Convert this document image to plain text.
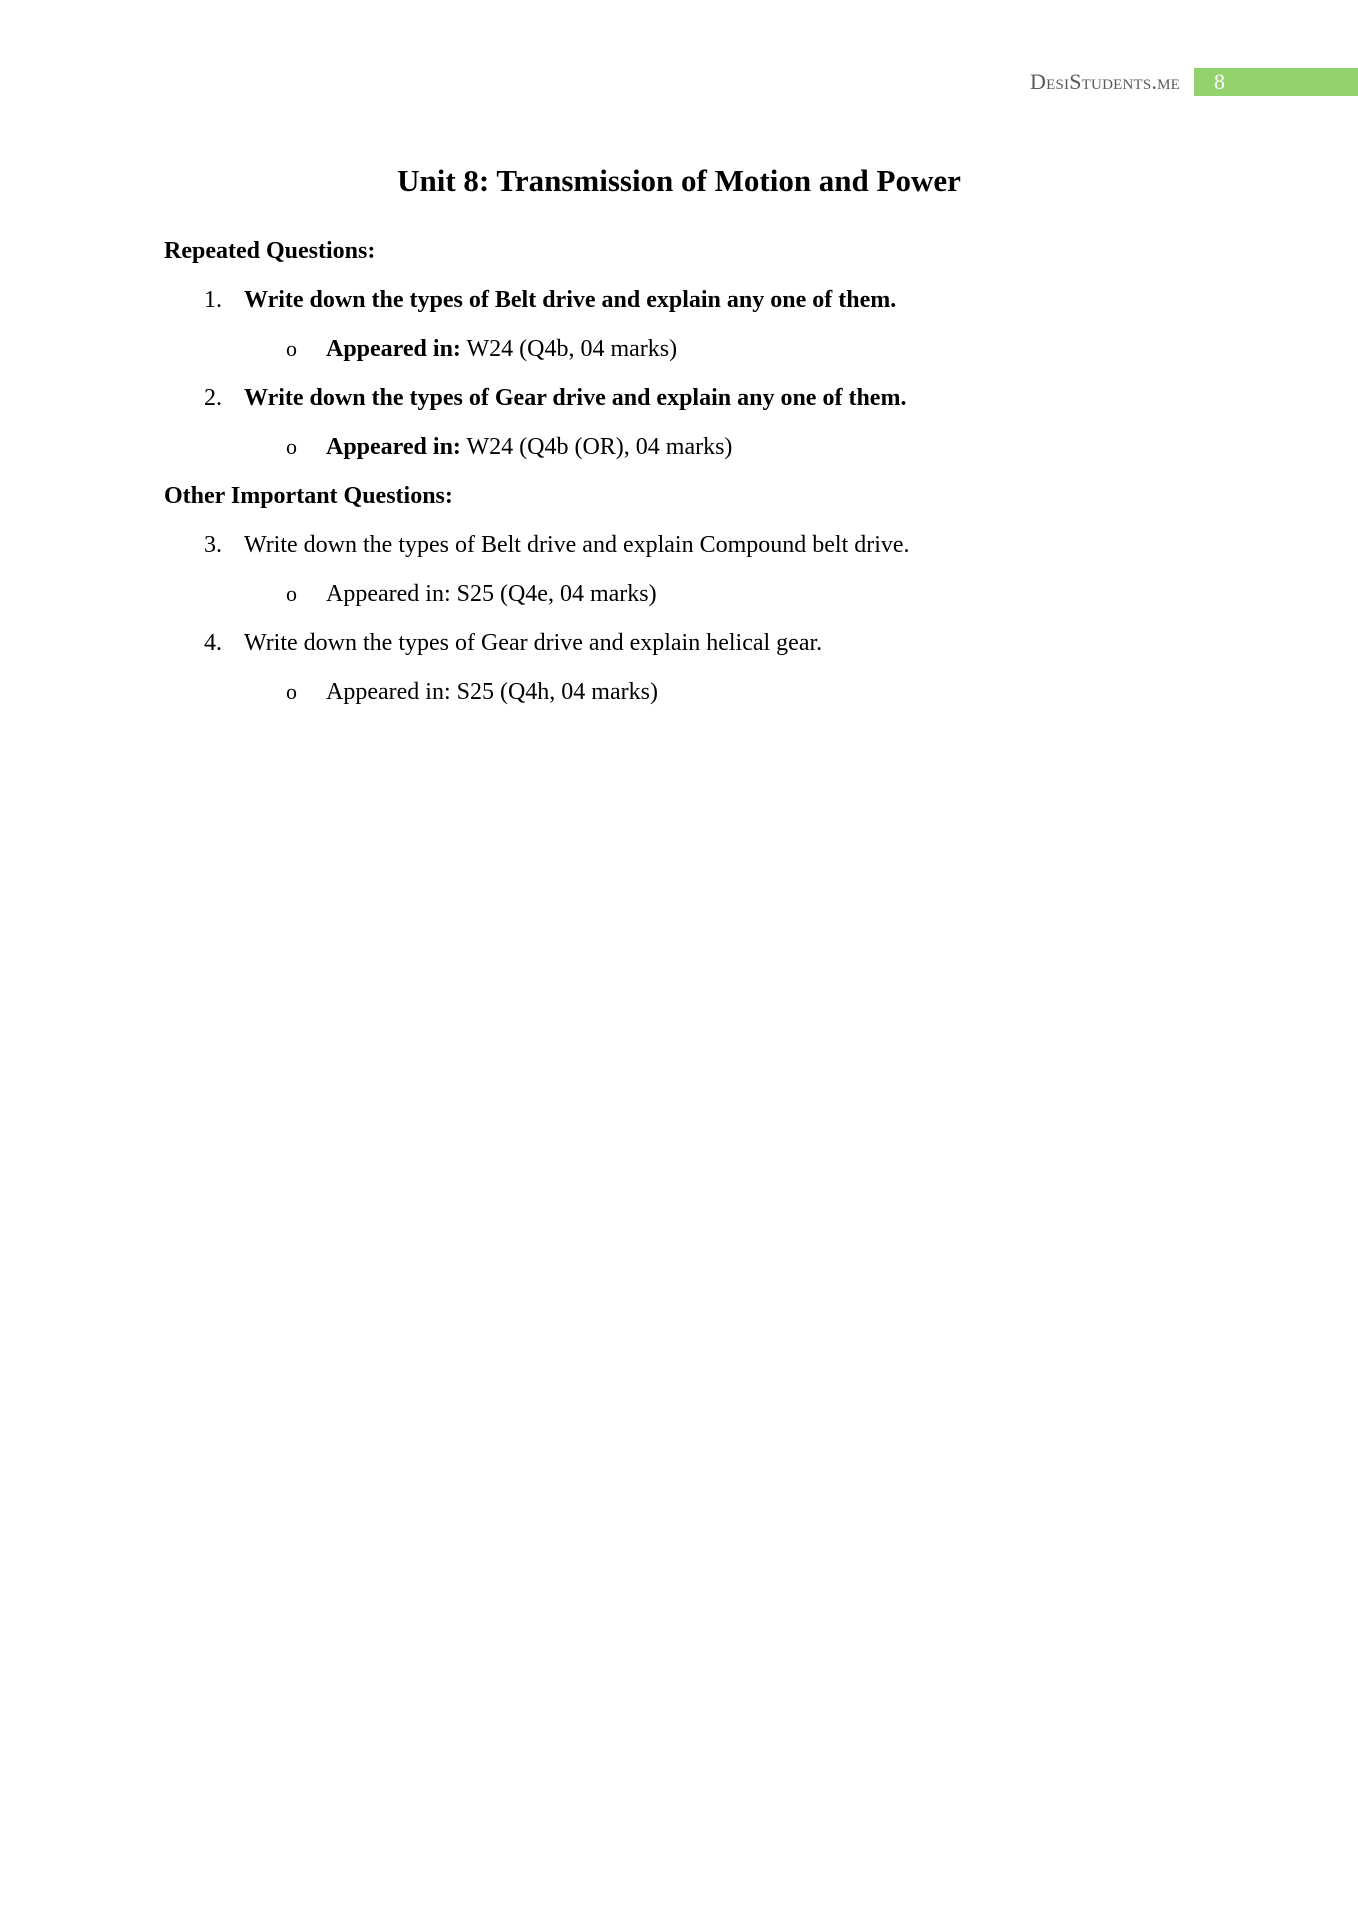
DesiStudents.me	8
Unit 8: Transmission of Motion and Power

Repeated Questions:

1. Write down the types of Belt drive and explain any one of them.
o Appeared in: W24 (Q4b, 04 marks)
2. Write down the types of Gear drive and explain any one of them.
o Appeared in: W24 (Q4b (OR), 04 marks)

Other Important Questions:

3. Write down the types of Belt drive and explain Compound belt drive.
o Appeared in: S25 (Q4e, 04 marks)
4. Write down the types of Gear drive and explain helical gear.
o Appeared in: S25 (Q4h, 04 marks)
